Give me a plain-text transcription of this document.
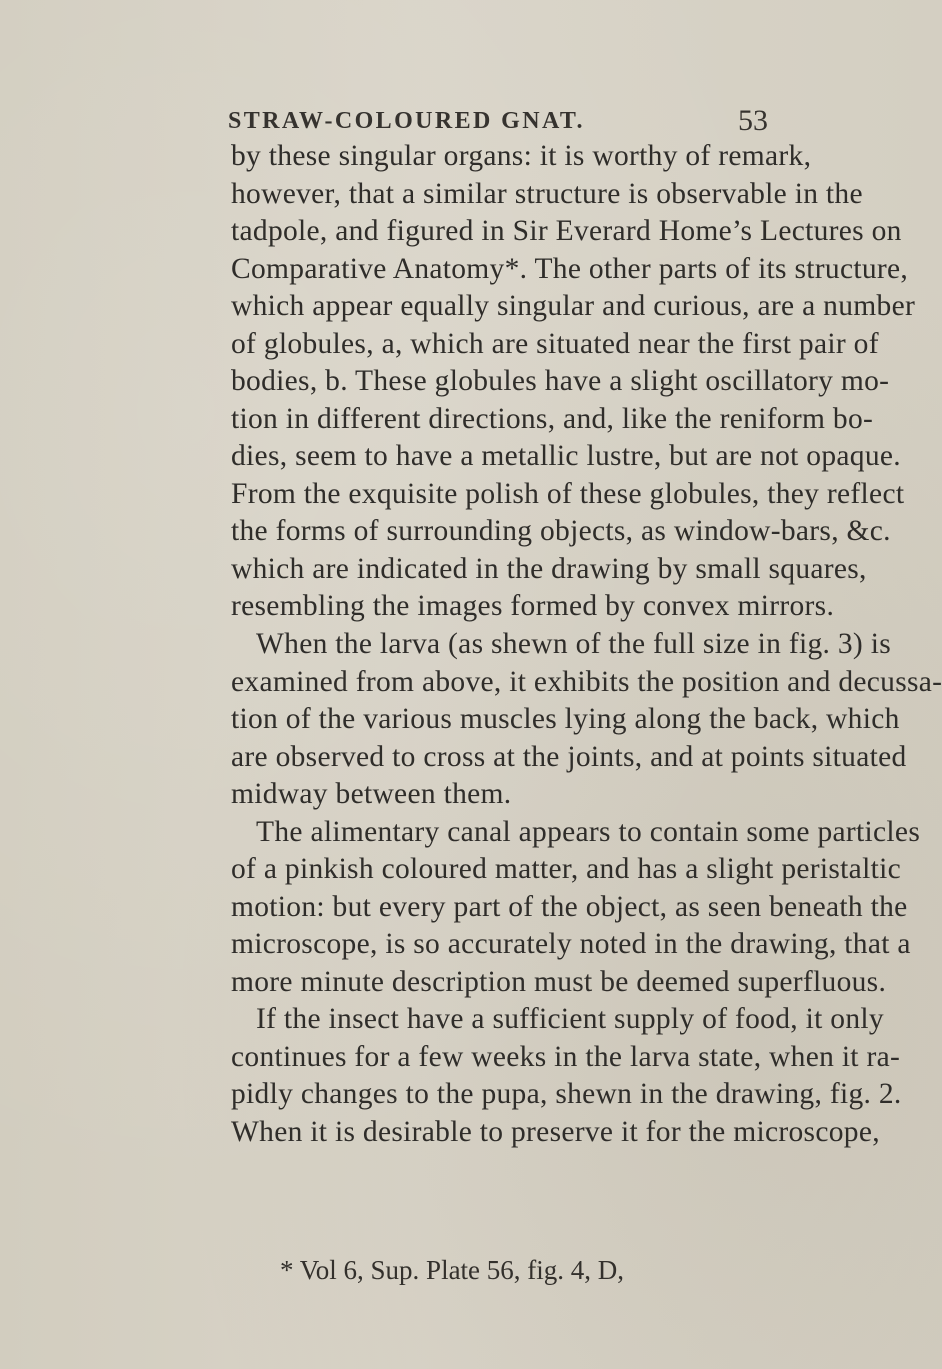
STRAW-COLOURED GNAT.	53
by these singular organs: it is worthy of remark,
however, that a similar structure is observable in the
tadpole, and figured in Sir Everard Home’s Lectures on
Comparative Anatomy*. The other parts of its structure,
which appear equally singular and curious, are a number
of globules, a, which are situated near the first pair of
bodies, b. These globules have a slight oscillatory mo-
tion in different directions, and, like the reniform bo-
dies, seem to have a metallic lustre, but are not opaque.
From the exquisite polish of these globules, they reflect
the forms of surrounding objects, as window-bars, &c.
which are indicated in the drawing by small squares,
resembling the images formed by convex mirrors.
When the larva (as shewn of the full size in fig. 3) is
examined from above, it exhibits the position and decussa-
tion of the various muscles lying along the back, which
are observed to cross at the joints, and at points situated
midway between them.
The alimentary canal appears to contain some particles
of a pinkish coloured matter, and has a slight peristaltic
motion: but every part of the object, as seen beneath the
microscope, is so accurately noted in the drawing, that a
more minute description must be deemed superfluous.
If the insect have a sufficient supply of food, it only
continues for a few weeks in the larva state, when it ra-
pidly changes to the pupa, shewn in the drawing, fig. 2.
When it is desirable to preserve it for the microscope,
* Vol 6, Sup. Plate 56, fig. 4, D,
